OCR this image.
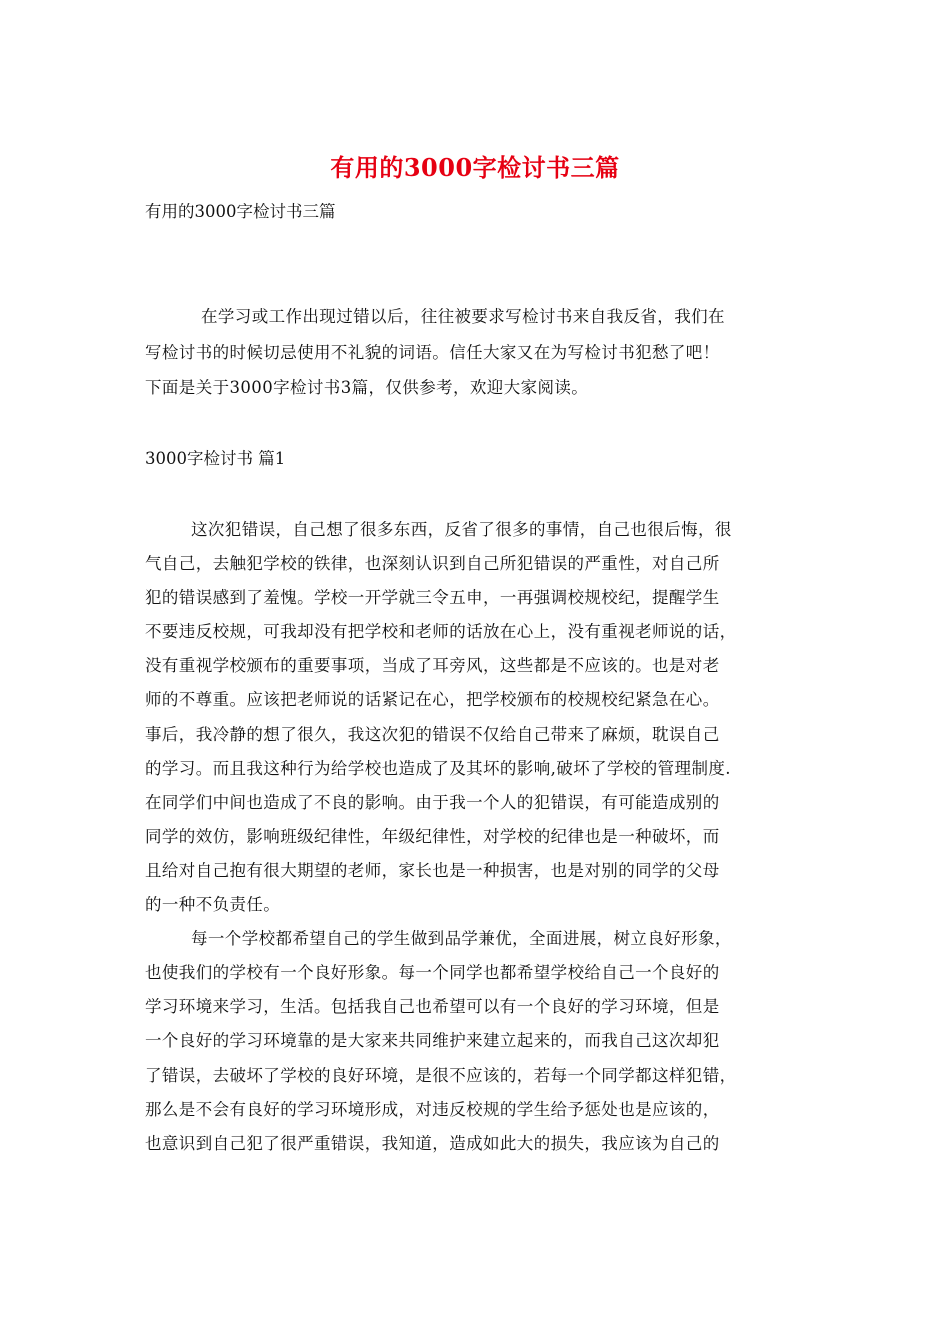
有用的3000字检讨书三篇
有用的3000字检讨书三篇
在学习或工作出现过错以后，往往被要求写检讨书来自我反省，我们在
写检讨书的时候切忌使用不礼貌的词语。信任大家又在为写检讨书犯愁了吧！
下面是关于3000字检讨书3篇，仅供参考，欢迎大家阅读。
3000字检讨书 篇1
这次犯错误，自己想了很多东西，反省了很多的事情，自己也很后悔，很
气自己，去触犯学校的铁律，也深刻认识到自己所犯错误的严重性，对自己所
犯的错误感到了羞愧。学校一开学就三令五申，一再强调校规校纪，提醒学生
不要违反校规，可我却没有把学校和老师的话放在心上，没有重视老师说的话，
没有重视学校颁布的重要事项，当成了耳旁风，这些都是不应该的。也是对老
师的不尊重。应该把老师说的话紧记在心，把学校颁布的校规校纪紧急在心。
事后，我冷静的想了很久，我这次犯的错误不仅给自己带来了麻烦，耽误自己
的学习。而且我这种行为给学校也造成了及其坏的影响,破坏了学校的管理制度.
在同学们中间也造成了不良的影响。由于我一个人的犯错误，有可能造成别的
同学的效仿，影响班级纪律性，年级纪律性，对学校的纪律也是一种破坏，而
且给对自己抱有很大期望的老师，家长也是一种损害，也是对别的同学的父母
的一种不负责任。
每一个学校都希望自己的学生做到品学兼优，全面进展，树立良好形象，
也使我们的学校有一个良好形象。每一个同学也都希望学校给自己一个良好的
学习环境来学习，生活。包括我自己也希望可以有一个良好的学习环境，但是
一个良好的学习环境靠的是大家来共同维护来建立起来的，而我自己这次却犯
了错误，去破坏了学校的良好环境，是很不应该的，若每一个同学都这样犯错，
那么是不会有良好的学习环境形成，对违反校规的学生给予惩处也是应该的，
也意识到自己犯了很严重错误，我知道，造成如此大的损失，我应该为自己的
